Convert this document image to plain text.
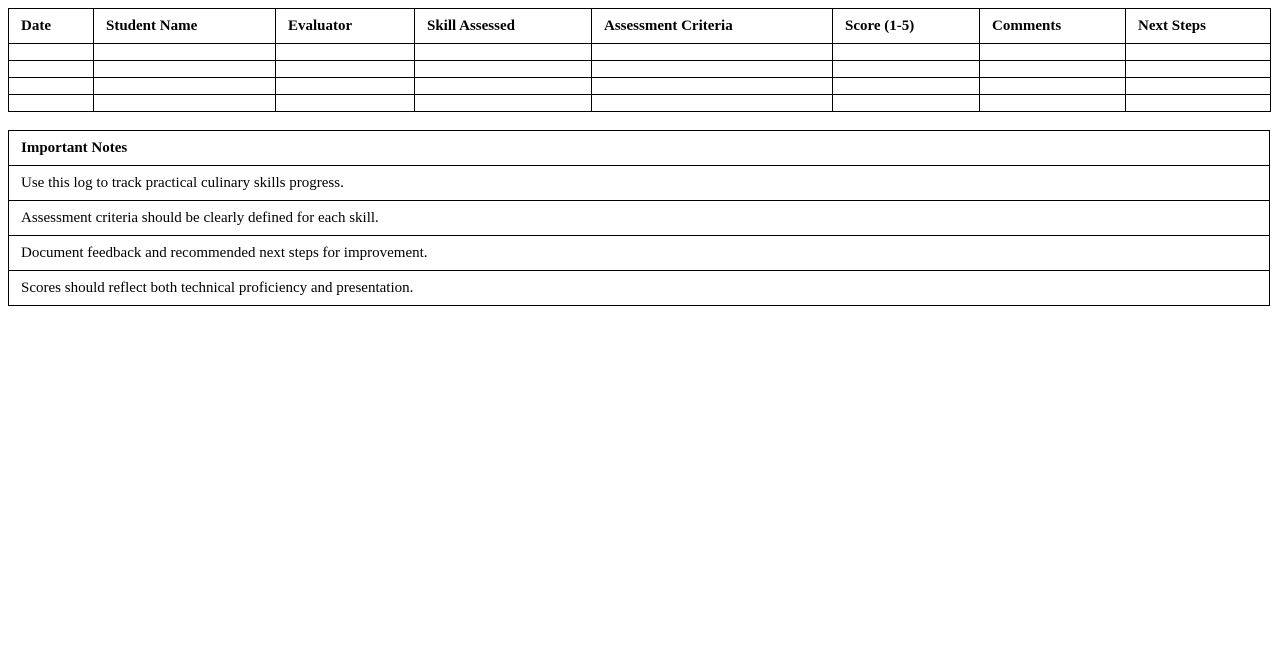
Date	Student Name	Evaluator	Skill Assessed	Assessment Criteria	Score (1-5)	Comments	Next Steps

Important Notes
Use this log to track practical culinary skills progress.
Assessment criteria should be clearly defined for each skill.
Document feedback and recommended next steps for improvement.
Scores should reflect both technical proficiency and presentation.
